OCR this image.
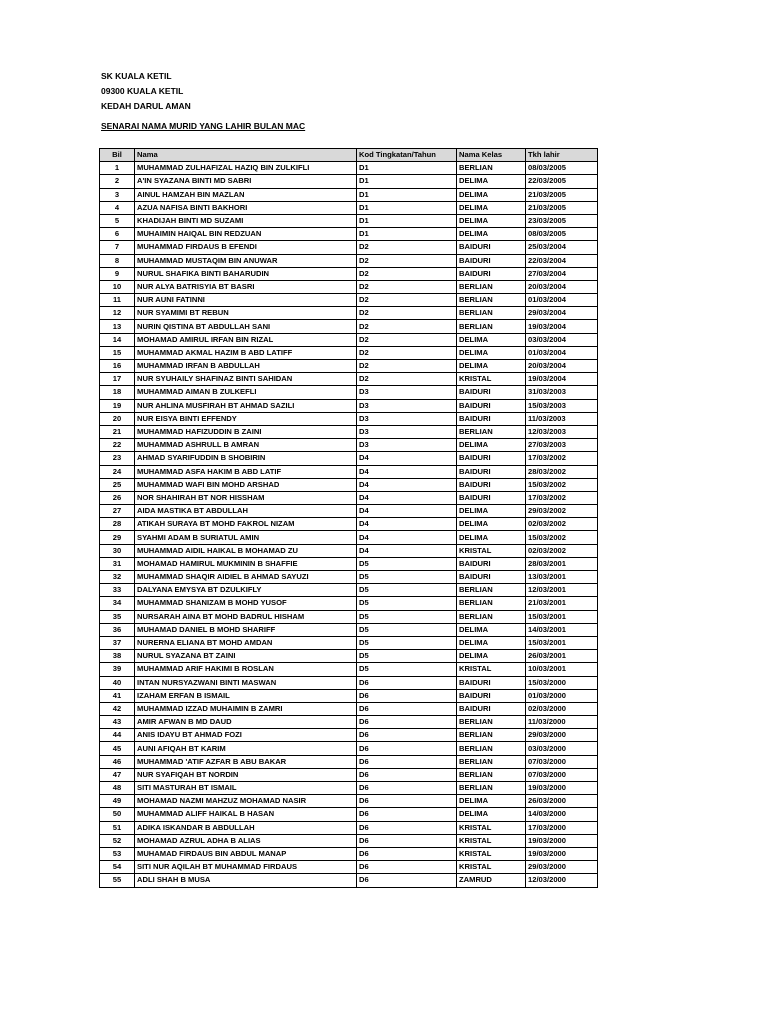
SK KUALA KETIL
09300 KUALA KETIL
KEDAH DARUL AMAN
SENARAI NAMA MURID YANG LAHIR BULAN MAC
Bil	Nama	Kod Tingkatan/Tahun	Nama Kelas	Tkh lahir
1	MUHAMMAD ZULHAFIZAL HAZIQ BIN ZULKIFLI	D1	BERLIAN	08/03/2005
2	A'IN SYAZANA BINTI MD SABRI	D1	DELIMA	22/03/2005
3	AINUL HAMZAH BIN MAZLAN	D1	DELIMA	21/03/2005
4	AZUA NAFISA BINTI BAKHORI	D1	DELIMA	21/03/2005
5	KHADIJAH BINTI MD SUZAMI	D1	DELIMA	23/03/2005
6	MUHAIMIN HAIQAL BIN REDZUAN	D1	DELIMA	08/03/2005
7	MUHAMMAD FIRDAUS B EFENDI	D2	BAIDURI	25/03/2004
8	MUHAMMAD MUSTAQIM BIN ANUWAR	D2	BAIDURI	22/03/2004
9	NURUL SHAFIKA BINTI BAHARUDIN	D2	BAIDURI	27/03/2004
10	NUR ALYA BATRISYIA BT BASRI	D2	BERLIAN	20/03/2004
11	NUR AUNI FATINNI	D2	BERLIAN	01/03/2004
12	NUR SYAMIMI BT REBUN	D2	BERLIAN	29/03/2004
13	NURIN QISTINA BT ABDULLAH SANI	D2	BERLIAN	19/03/2004
14	MOHAMAD AMIRUL IRFAN BIN RIZAL	D2	DELIMA	03/03/2004
15	MUHAMMAD AKMAL HAZIM B ABD LATIFF	D2	DELIMA	01/03/2004
16	MUHAMMAD IRFAN B ABDULLAH	D2	DELIMA	20/03/2004
17	NUR SYUHAILY SHAFINAZ BINTI SAHIDAN	D2	KRISTAL	19/03/2004
18	MUHAMMAD AIMAN B ZULKEFLI	D3	BAIDURI	31/03/2003
19	NUR AHLINA MUSFIRAH BT AHMAD SAZILI	D3	BAIDURI	15/03/2003
20	NUR EISYA BINTI EFFENDY	D3	BAIDURI	11/03/2003
21	MUHAMMAD HAFIZUDDIN B ZAINI	D3	BERLIAN	12/03/2003
22	MUHAMMAD ASHRULL B AMRAN	D3	DELIMA	27/03/2003
23	AHMAD SYARIFUDDIN B SHOBIRIN	D4	BAIDURI	17/03/2002
24	MUHAMMAD ASFA HAKIM B ABD LATIF	D4	BAIDURI	28/03/2002
25	MUHAMMAD WAFI BIN MOHD ARSHAD	D4	BAIDURI	15/03/2002
26	NOR SHAHIRAH BT NOR HISSHAM	D4	BAIDURI	17/03/2002
27	AIDA MASTIKA BT ABDULLAH	D4	DELIMA	29/03/2002
28	ATIKAH SURAYA BT MOHD FAKROL NIZAM	D4	DELIMA	02/03/2002
29	SYAHMI ADAM B SURIATUL AMIN	D4	DELIMA	15/03/2002
30	MUHAMMAD AIDIL HAIKAL B MOHAMAD ZU	D4	KRISTAL	02/03/2002
31	MOHAMAD HAMIRUL MUKMININ B SHAFFIE	D5	BAIDURI	28/03/2001
32	MUHAMMAD SHAQIR AIDIEL B AHMAD SAYUZI	D5	BAIDURI	13/03/2001
33	DALYANA EMYSYA BT DZULKIFLY	D5	BERLIAN	12/03/2001
34	MUHAMMAD SHANIZAM B MOHD YUSOF	D5	BERLIAN	21/03/2001
35	NURSARAH AINA BT MOHD BADRUL HISHAM	D5	BERLIAN	15/03/2001
36	MUHAMAD DANIEL B MOHD SHARIFF	D5	DELIMA	14/03/2001
37	NURERNA ELIANA BT MOHD AMDAN	D5	DELIMA	15/03/2001
38	NURUL SYAZANA BT ZAINI	D5	DELIMA	26/03/2001
39	MUHAMMAD ARIF HAKIMI B ROSLAN	D5	KRISTAL	10/03/2001
40	INTAN NURSYAZWANI BINTI MASWAN	D6	BAIDURI	15/03/2000
41	IZAHAM ERFAN B ISMAIL	D6	BAIDURI	01/03/2000
42	MUHAMMAD IZZAD MUHAIMIN B ZAMRI	D6	BAIDURI	02/03/2000
43	AMIR AFWAN B MD DAUD	D6	BERLIAN	11/03/2000
44	ANIS IDAYU BT AHMAD FOZI	D6	BERLIAN	29/03/2000
45	AUNI AFIQAH BT KARIM	D6	BERLIAN	03/03/2000
46	MUHAMMAD 'ATIF AZFAR B ABU BAKAR	D6	BERLIAN	07/03/2000
47	NUR SYAFIQAH BT NORDIN	D6	BERLIAN	07/03/2000
48	SITI MASTURAH BT ISMAIL	D6	BERLIAN	19/03/2000
49	MOHAMAD NAZMI MAHZUZ MOHAMAD NASIR	D6	DELIMA	26/03/2000
50	MUHAMMAD ALIFF HAIKAL B HASAN	D6	DELIMA	14/03/2000
51	ADIKA ISKANDAR B ABDULLAH	D6	KRISTAL	17/03/2000
52	MOHAMAD AZRUL ADHA B ALIAS	D6	KRISTAL	19/03/2000
53	MUHAMAD FIRDAUS BIN ABDUL MANAP	D6	KRISTAL	19/03/2000
54	SITI NUR AQILAH BT MUHAMMAD FIRDAUS	D6	KRISTAL	29/03/2000
55	ADLI SHAH B MUSA	D6	ZAMRUD	12/03/2000
